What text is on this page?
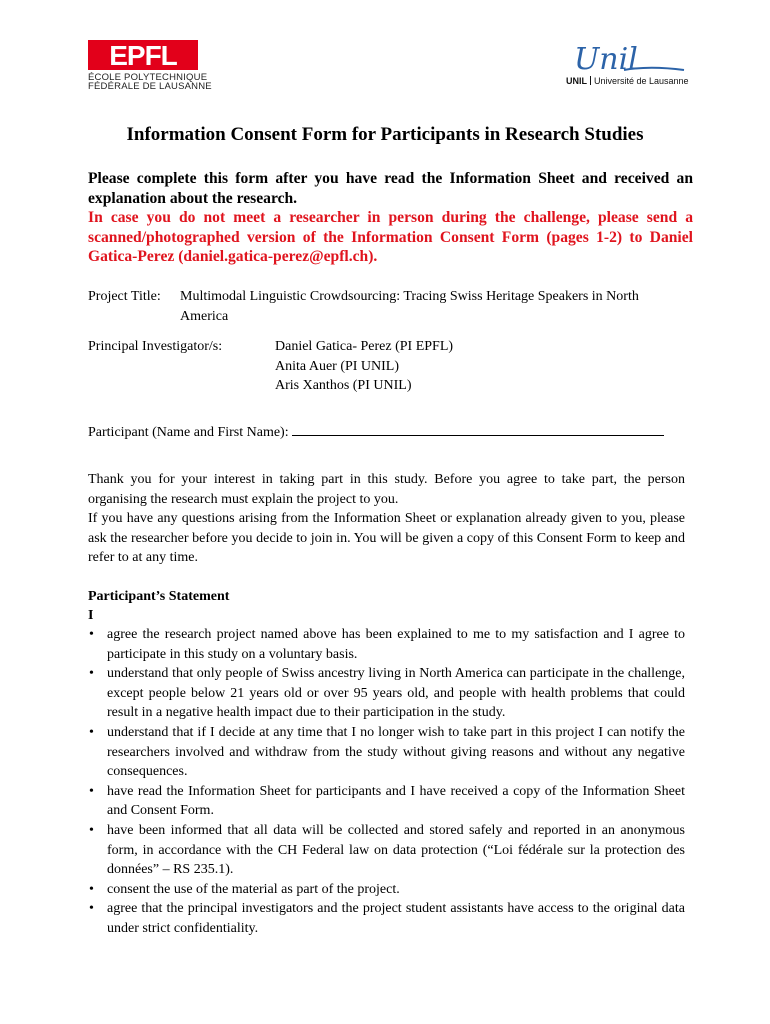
EPFL
ÉCOLE POLYTECHNIQUE
FÉDÉRALE DE LAUSANNE
Unil
UNIL Université de Lausanne
Information Consent Form for Participants in Research Studies

Please complete this form after you have read the Information Sheet and received an explanation about the research.

In case you do not meet a researcher in person during the challenge, please send a scanned/photographed version of the Information Consent Form (pages 1-2) to Daniel Gatica-Perez (daniel.gatica-perez@epfl.ch).

Project Title: Multimodal Linguistic Crowdsourcing: Tracing Swiss Heritage Speakers in North
America
Principal Investigator/s:	Daniel Gatica- Perez (PI EPFL)
Anita Auer (PI UNIL)
Aris Xanthos (PI UNIL)
Participant (Name and First Name):

Thank you for your interest in taking part in this study. Before you agree to take part, the person organising the research must explain the project to you.

If you have any questions arising from the Information Sheet or explanation already given to you, please ask the researcher before you decide to join in. You will be given a copy of this Consent Form to keep and refer to at any time.

Participant’s Statement
I
• agree the research project named above has been explained to me to my satisfaction and I agree to participate in this study on a voluntary basis.
• understand that only people of Swiss ancestry living in North America can participate in the challenge, except people below 21 years old or over 95 years old, and people with health problems that could result in a negative health impact due to their participation in the study.
• understand that if I decide at any time that I no longer wish to take part in this project I can notify the researchers involved and withdraw from the study without giving reasons and without any negative consequences.
• have read the Information Sheet for participants and I have received a copy of the Information Sheet and Consent Form.
• have been informed that all data will be collected and stored safely and reported in an anonymous form, in accordance with the CH Federal law on data protection (“Loi fédérale sur la protection des données” – RS 235.1).
• consent the use of the material as part of the project.
• agree that the principal investigators and the project student assistants have access to the original data under strict confidentiality.
